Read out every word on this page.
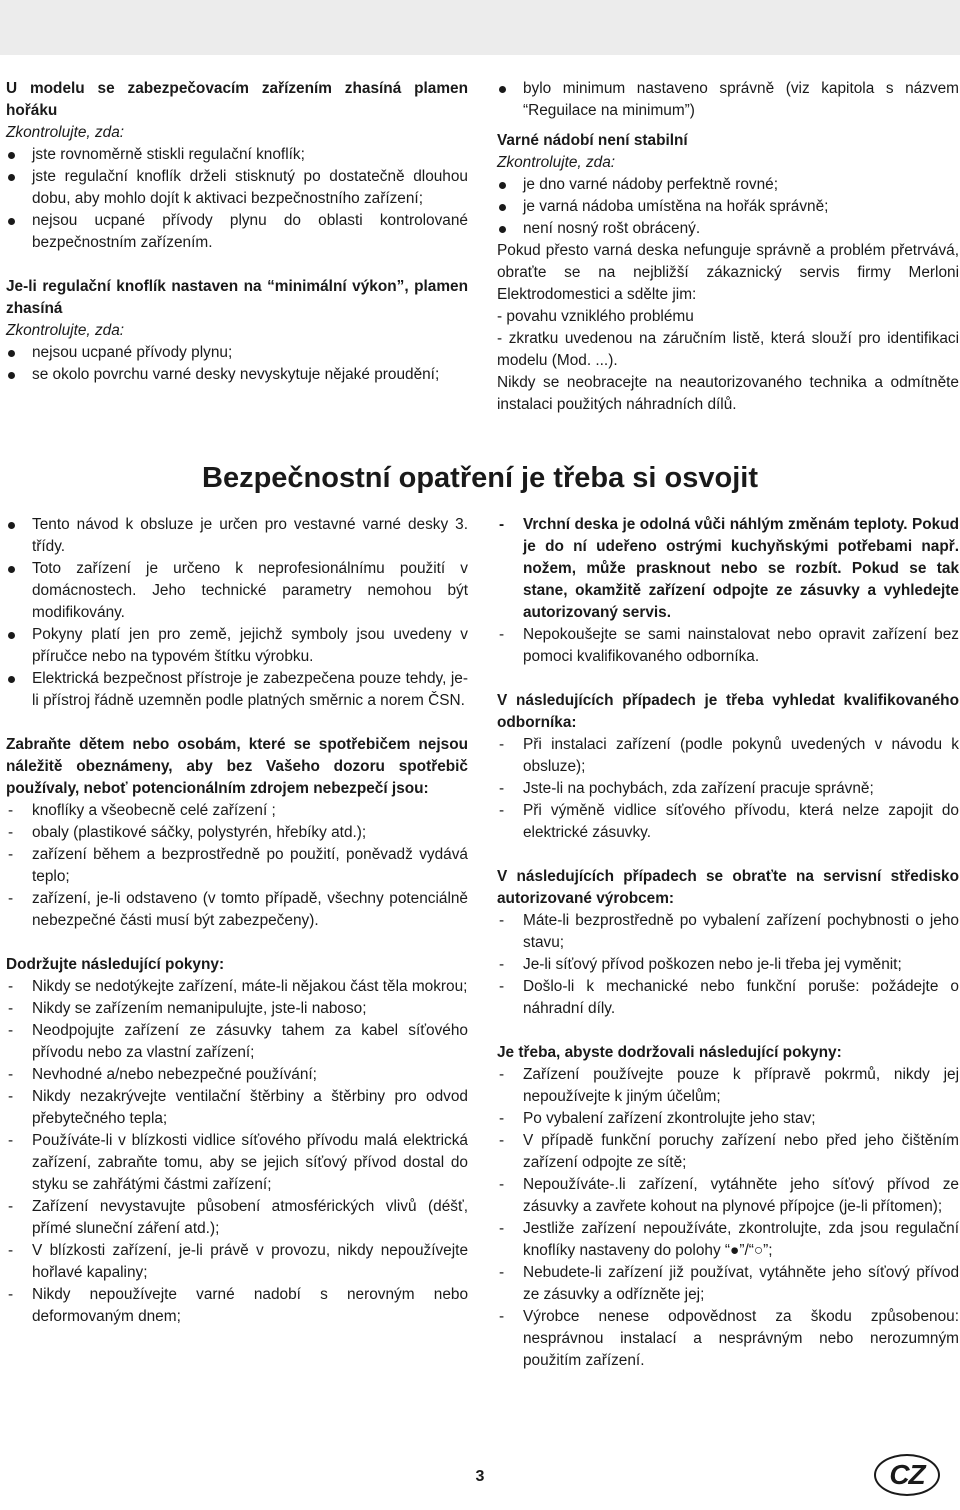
U modelu se zabezpečovacím zařízením zhasíná plamen hořáku

Zkontrolujte, zda:

jste rovnoměrně stiskli regulační knoflík;
jste regulační knoflík drželi stisknutý po dostatečně dlouhou dobu, aby mohlo dojít k aktivaci bezpečnostního zařízení;
nejsou ucpané přívody plynu do oblasti kontrolované bezpečnostním zařízením.

Je-li regulační knoflík nastaven na “minimální výkon”, plamen zhasíná

Zkontrolujte, zda:

nejsou ucpané přívody plynu;
se okolo povrchu varné desky nevyskytuje nějaké proudění;
bylo minimum nastaveno správně (viz kapitola s názvem “Reguilace na minimum”)

Varné nádobí není stabilní

Zkontrolujte, zda:

je dno varné nádoby perfektně rovné;
je varná nádoba umístěna na hořák správně;
není nosný rošt obrácený.

Pokud přesto varná deska nefunguje správně a problém přetrvává, obraťte se na nejbližší zákaznický servis firmy Merloni Elektrodomestici a sdělte jim:

- povahu vzniklého problému

- zkratku uvedenou na záručním listě, která slouží pro identifikaci modelu (Mod. ...).

Nikdy se neobracejte na neautorizovaného technika a odmítněte instalaci použitých náhradních dílů.

Bezpečnostní opatření je třeba si osvojit
Tento návod k obsluze je určen pro vestavné varné desky 3. třídy.
Toto zařízení je určeno k neprofesionálnímu použití v domácnostech. Jeho technické parametry nemohou být modifikovány.
Pokyny platí jen pro země, jejichž symboly jsou uvedeny v příručce nebo na typovém štítku výrobku.
Elektrická bezpečnost přístroje je zabezpečena pouze tehdy, je-li přístroj řádně uzemněn podle platných směrnic a norem ČSN.

Zabraňte dětem nebo osobám, které se spotřebičem nejsou náležitě obeznámeny, aby bez Vašeho dozoru spotřebič používaly, neboť potencionálním zdrojem nebezpečí jsou:

- knoflíky a všeobecně celé zařízení ;
- obaly (plastikové sáčky, polystyrén, hřebíky atd.);
- zařízení během a bezprostředně po použití, poněvadž vydává teplo;
- zařízení, je-li odstaveno (v tomto případě, všechny potenciálně nebezpečné části musí být zabezpečeny).

Dodržujte následující pokyny:

- Nikdy se nedotýkejte zařízení, máte-li nějakou část těla mokrou;
- Nikdy se zařízením nemanipulujte, jste-li naboso;
- Neodpojujte zařízení ze zásuvky tahem za kabel síťového přívodu nebo za vlastní zařízení;
- Nevhodné a/nebo nebezpečné používání;
- Nikdy nezakrývejte ventilační štěrbiny a štěrbiny pro odvod přebytečného tepla;
- Používáte-li v blízkosti vidlice síťového přívodu malá elektrická zařízení, zabraňte tomu, aby se jejich síťový přívod dostal do styku se zahřátými částmi zařízení;
- Zařízení nevystavujte působení atmosférických vlivů (déšť, přímé sluneční záření atd.);
- V blízkosti zařízení, je-li právě v provozu, nikdy nepoužívejte hořlavé kapaliny;
- Nikdy nepoužívejte varné nadobí s nerovným nebo deformovaným dnem;
- Vrchní deska je odolná vůči náhlým změnám teploty. Pokud je do ní udeřeno ostrými kuchyňskými potřebami např. nožem, může prasknout nebo se rozbít. Pokud se tak stane, okamžitě zařízení odpojte ze zásuvky a vyhledejte autorizovaný servis.
- Nepokoušejte se sami nainstalovat nebo opravit zařízení bez pomoci kvalifikovaného odborníka.

V následujících případech je třeba vyhledat kvalifikovaného odborníka:

- Při instalaci zařízení (podle pokynů uvedených v návodu k obsluze);
- Jste-li na pochybách, zda zařízení pracuje správně;
- Při výměně vidlice síťového přívodu, která nelze zapojit do elektrické zásuvky.

V následujících případech se obraťte na servisní středisko autorizované výrobcem:

- Máte-li bezprostředně po vybalení zařízení pochybnosti o jeho stavu;
- Je-li síťový přívod poškozen nebo je-li třeba jej vyměnit;
- Došlo-li k mechanické nebo funkční poruše: požádejte o náhradní díly.

Je třeba, abyste dodržovali následující pokyny:

- Zařízení používejte pouze k přípravě pokrmů, nikdy jej nepoužívejte k jiným účelům;
- Po vybalení zařízení zkontrolujte jeho stav;
- V případě funkční poruchy zařízení nebo před jeho čištěním zařízení odpojte ze sítě;
- Nepoužíváte-.li zařízení, vytáhněte jeho síťový přívod ze zásuvky a zavřete kohout na plynové přípojce (je-li přítomen);
- Jestliže zařízení nepoužíváte, zkontrolujte, zda jsou regulační knoflíky nastaveny do polohy “●”/“○”;
- Nebudete-li zařízení již používat, vytáhněte jeho síťový přívod ze zásuvky a odřízněte jej;
- Výrobce nenese odpovědnost za škodu způsobenou: nesprávnou instalací a nesprávným nebo nerozumným použitím zařízení.
3	CZ
